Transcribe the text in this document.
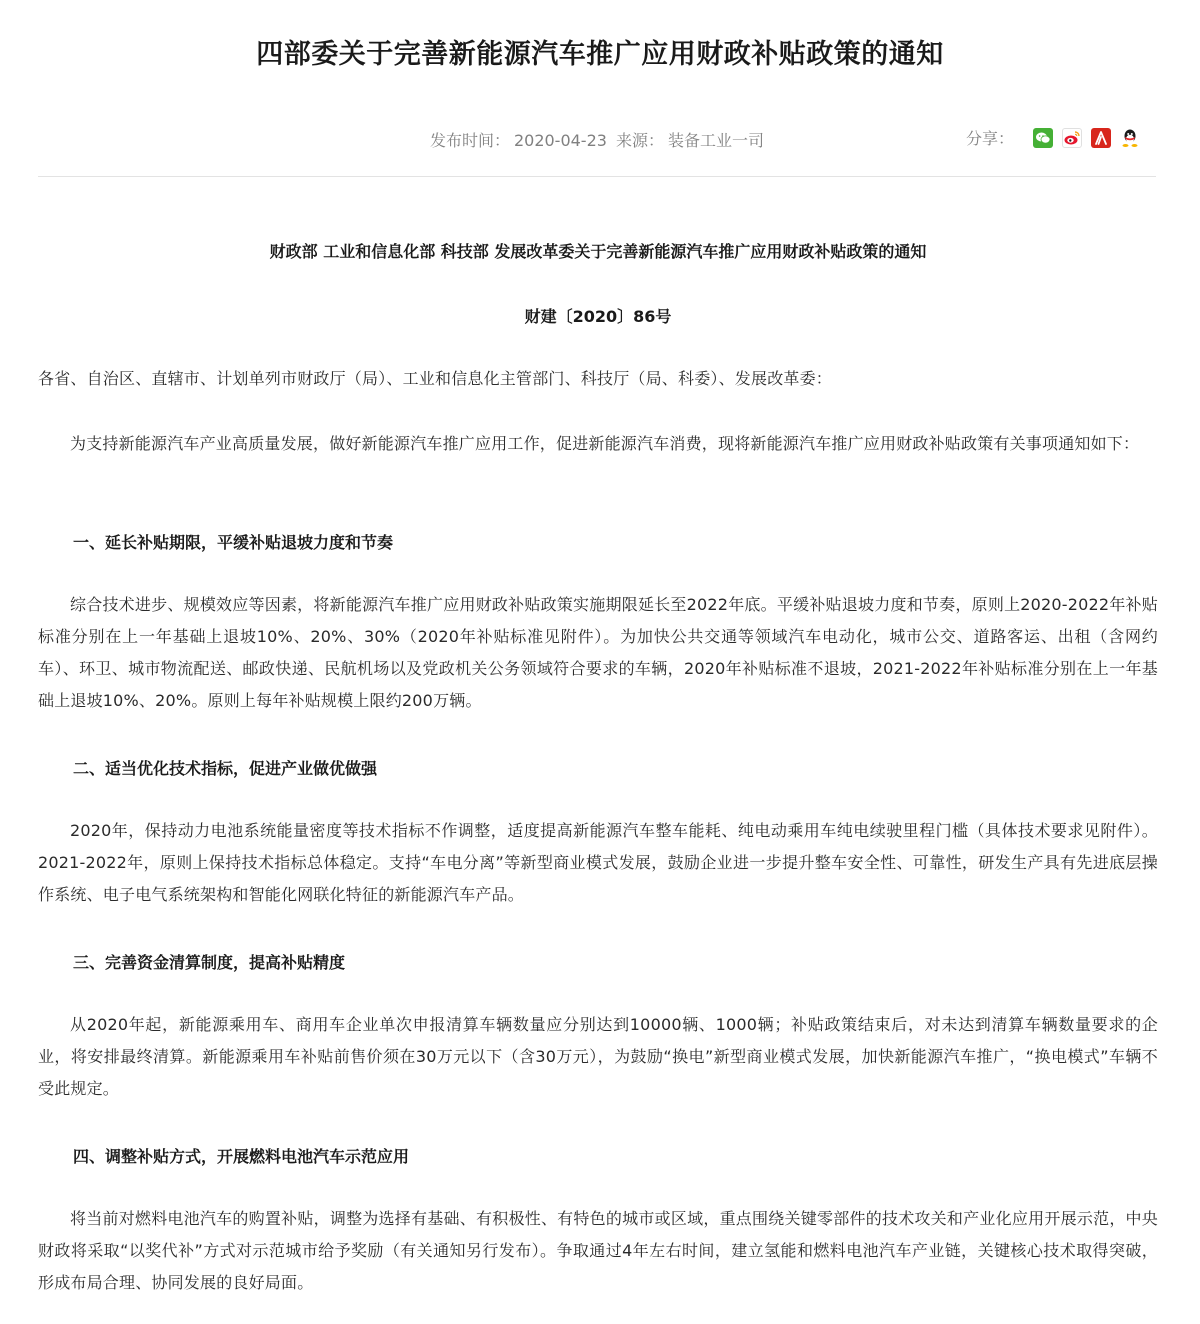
四部委关于完善新能源汽车推广应用财政补贴政策的通知
发布时间： 2020-04-23 来源： 装备工业一司	分享：
财政部 工业和信息化部 科技部 发展改革委关于完善新能源汽车推广应用财政补贴政策的通知
财建〔2020〕86号

各省、自治区、直辖市、计划单列市财政厅（局）、工业和信息化主管部门、科技厅（局、科委）、发展改革委：

为支持新能源汽车产业高质量发展，做好新能源汽车推广应用工作，促进新能源汽车消费，现将新能源汽车推广应用财政补贴政策有关事项通知如下：

一、延长补贴期限，平缓补贴退坡力度和节奏

综合技术进步、规模效应等因素，将新能源汽车推广应用财政补贴政策实施期限延长至2022年底。平缓补贴退坡力度和节奏，原则上2020-2022年补贴标准分别在上一年基础上退坡10%、20%、30%（2020年补贴标准见附件）。为加快公共交通等领域汽车电动化，城市公交、道路客运、出租（含网约车）、环卫、城市物流配送、邮政快递、民航机场以及党政机关公务领域符合要求的车辆，2020年补贴标准不退坡，2021-2022年补贴标准分别在上一年基础上退坡10%、20%。原则上每年补贴规模上限约200万辆。

二、适当优化技术指标，促进产业做优做强

2020年，保持动力电池系统能量密度等技术指标不作调整，适度提高新能源汽车整车能耗、纯电动乘用车纯电续驶里程门槛（具体技术要求见附件）。2021-2022年，原则上保持技术指标总体稳定。支持“车电分离”等新型商业模式发展，鼓励企业进一步提升整车安全性、可靠性，研发生产具有先进底层操作系统、电子电气系统架构和智能化网联化特征的新能源汽车产品。

三、完善资金清算制度，提高补贴精度

从2020年起，新能源乘用车、商用车企业单次申报清算车辆数量应分别达到10000辆、1000辆；补贴政策结束后，对未达到清算车辆数量要求的企业，将安排最终清算。新能源乘用车补贴前售价须在30万元以下（含30万元），为鼓励“换电”新型商业模式发展，加快新能源汽车推广，“换电模式”车辆不受此规定。

四、调整补贴方式，开展燃料电池汽车示范应用

将当前对燃料电池汽车的购置补贴，调整为选择有基础、有积极性、有特色的城市或区域，重点围绕关键零部件的技术攻关和产业化应用开展示范，中央财政将采取“以奖代补”方式对示范城市给予奖励（有关通知另行发布）。争取通过4年左右时间，建立氢能和燃料电池汽车产业链，关键核心技术取得突破，形成布局合理、协同发展的良好局面。
